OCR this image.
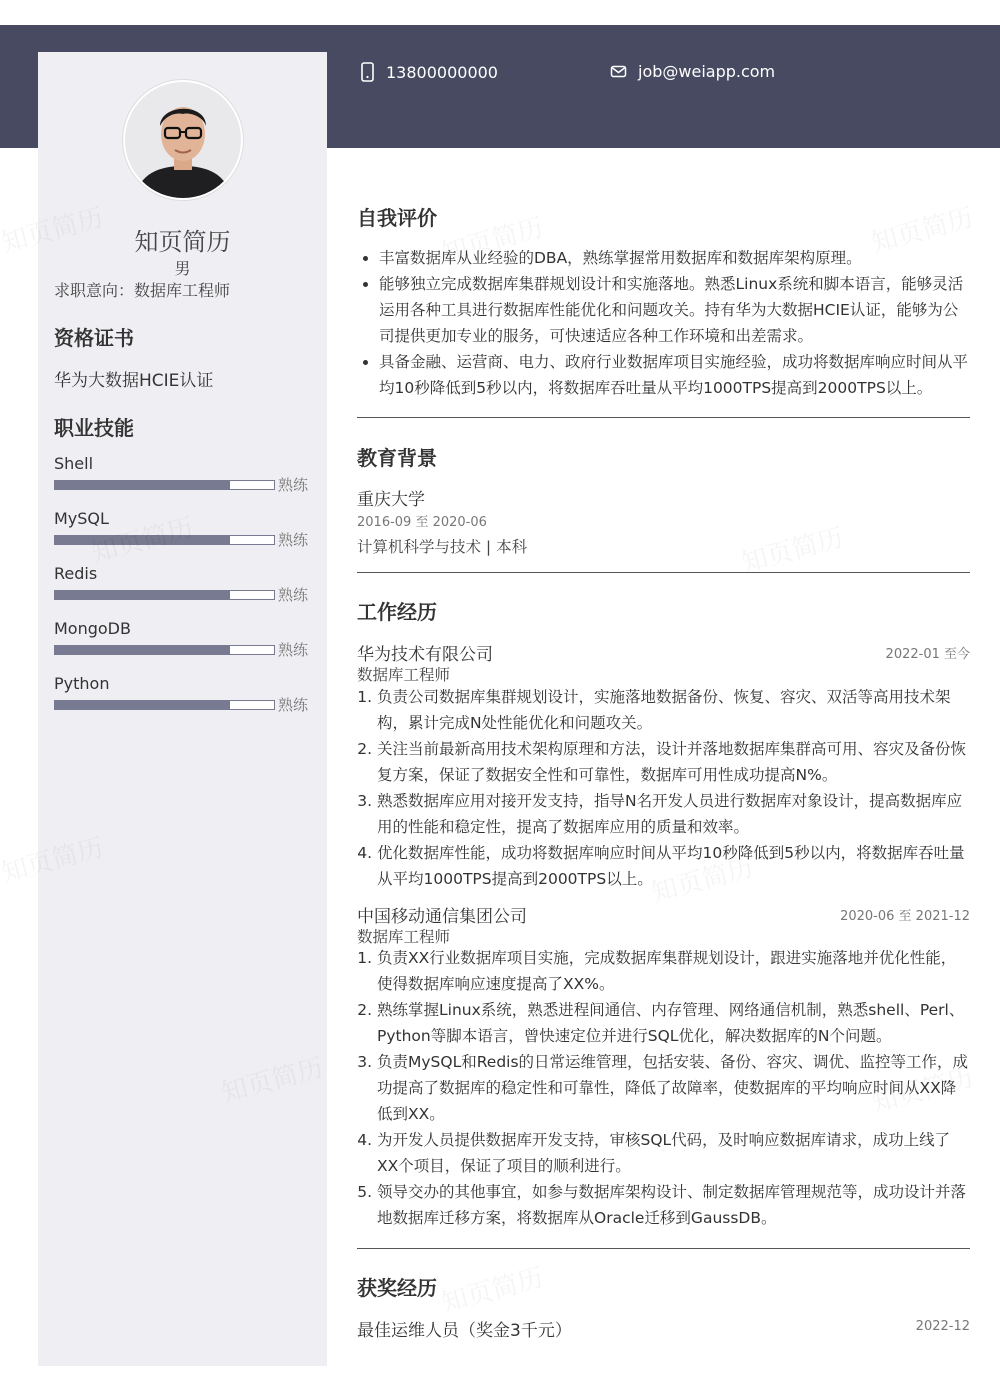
13800000000	job@weiapp.com
知页简历
男
求职意向：数据库工程师
资格证书
华为大数据HCIE认证
职业技能
Shell
熟练
MySQL
熟练
Redis
熟练
MongoDB
熟练
Python
熟练
自我评价
• 丰富数据库从业经验的DBA，熟练掌握常用数据库和数据库架构原理。
• 能够独立完成数据库集群规划设计和实施落地。熟悉Linux系统和脚本语言，能够灵活运用各种工具进行数据库性能优化和问题攻关。持有华为大数据HCIE认证，能够为公司提供更加专业的服务，可快速适应各种工作环境和出差需求。
• 具备金融、运营商、电力、政府行业数据库项目实施经验，成功将数据库响应时间从平均10秒降低到5秒以内，将数据库吞吐量从平均1000TPS提高到2000TPS以上。
教育背景
重庆大学
2016-09 至 2020-06
计算机科学与技术 | 本科
工作经历
华为技术有限公司	2022-01 至今
数据库工程师
1. 负责公司数据库集群规划设计，实施落地数据备份、恢复、容灾、双活等高用技术架构，累计完成N处性能优化和问题攻关。
2. 关注当前最新高用技术架构原理和方法，设计并落地数据库集群高可用、容灾及备份恢复方案，保证了数据安全性和可靠性，数据库可用性成功提高N%。
3. 熟悉数据库应用对接开发支持，指导N名开发人员进行数据库对象设计，提高数据库应用的性能和稳定性，提高了数据库应用的质量和效率。
4. 优化数据库性能，成功将数据库响应时间从平均10秒降低到5秒以内，将数据库吞吐量从平均1000TPS提高到2000TPS以上。
中国移动通信集团公司	2020-06 至 2021-12
数据库工程师
1. 负责XX行业数据库项目实施，完成数据库集群规划设计，跟进实施落地并优化性能，使得数据库响应速度提高了XX%。
2. 熟练掌握Linux系统，熟悉进程间通信、内存管理、网络通信机制，熟悉shell、Perl、Python等脚本语言，曾快速定位并进行SQL优化，解决数据库的N个问题。
3. 负责MySQL和Redis的日常运维管理，包括安装、备份、容灾、调优、监控等工作，成功提高了数据库的稳定性和可靠性，降低了故障率，使数据库的平均响应时间从XX降低到XX。
4. 为开发人员提供数据库开发支持，审核SQL代码，及时响应数据库请求，成功上线了XX个项目，保证了项目的顺利进行。
5. 领导交办的其他事宜，如参与数据库架构设计、制定数据库管理规范等，成功设计并落地数据库迁移方案，将数据库从Oracle迁移到GaussDB。
获奖经历
最佳运维人员（奖金3千元）	2022-12
